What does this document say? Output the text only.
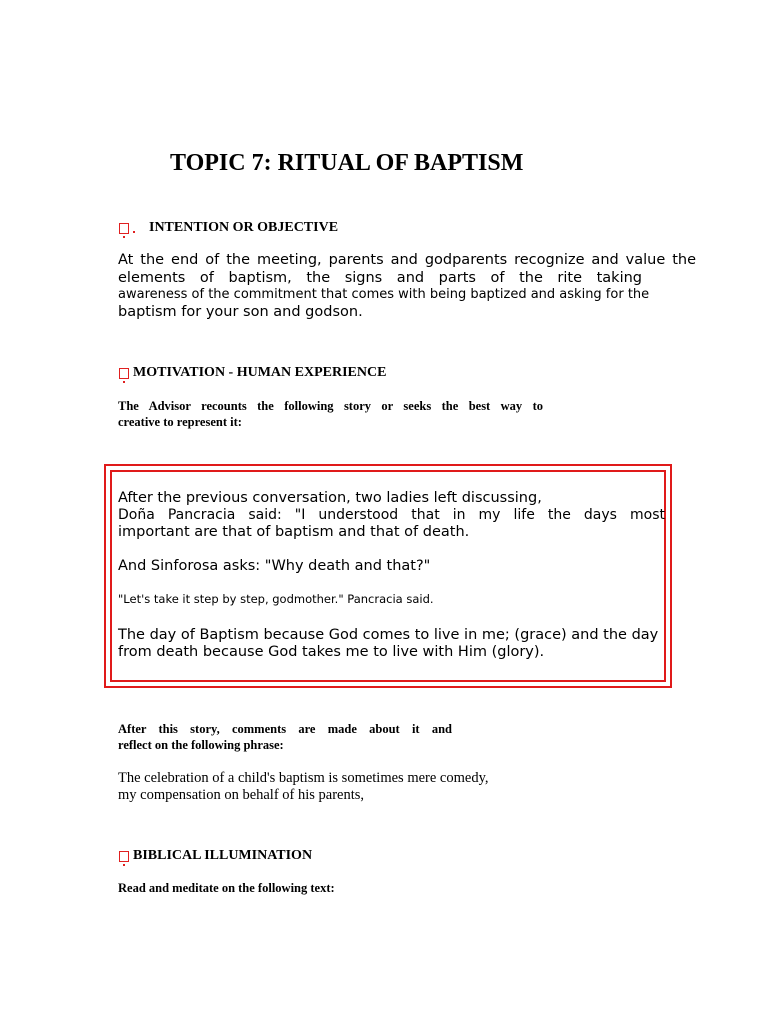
TOPIC 7: RITUAL OF BAPTISM
INTENTION OR OBJECTIVE
At the end of the meeting, parents and godparents recognize and value the
elements of baptism, the signs and parts of the rite taking
awareness of the commitment that comes with being baptized and asking for the
baptism for your son and godson.
MOTIVATION - HUMAN EXPERIENCE
The Advisor recounts the following story or seeks the best way to
creative to represent it:
After the previous conversation, two ladies left discussing,
Doña Pancracia said: "I understood that in my life the days most
important are that of baptism and that of death.
And Sinforosa asks: "Why death and that?"
"Let's take it step by step, godmother." Pancracia said.
The day of Baptism because God comes to live in me; (grace) and the day
from death because God takes me to live with Him (glory).
After this story, comments are made about it and
reflect on the following phrase:
The celebration of a child's baptism is sometimes mere comedy,
my compensation on behalf of his parents,
BIBLICAL ILLUMINATION
Read and meditate on the following text:
